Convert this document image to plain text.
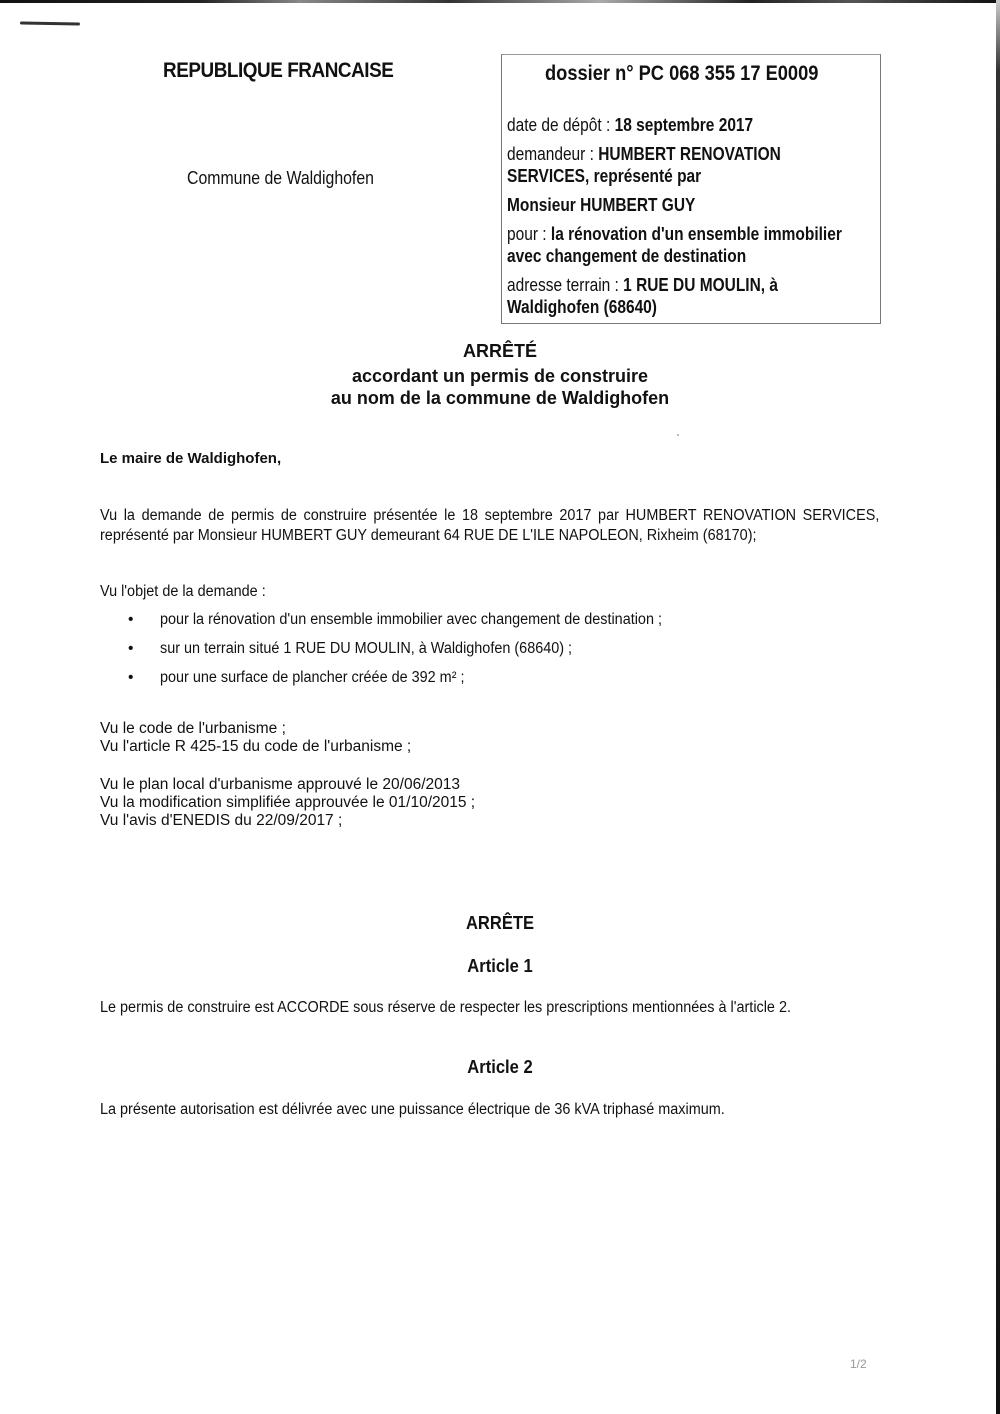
REPUBLIQUE FRANCAISE
Commune de Waldighofen
dossier n° PC 068 355 17 E0009
date de dépôt : 18 septembre 2017
demandeur : HUMBERT RENOVATION
SERVICES, représenté par
Monsieur HUMBERT GUY
pour : la rénovation d'un ensemble immobilier
avec changement de destination
adresse terrain : 1 RUE DU MOULIN, à
Waldighofen (68640)
ARRÊTÉ
accordant un permis de construire
au nom de la commune de Waldighofen
Le maire de Waldighofen,
Vu la demande de permis de construire présentée le 18 septembre 2017 par HUMBERT RENOVATION SERVICES, représenté par Monsieur HUMBERT GUY demeurant 64 RUE DE L'ILE NAPOLEON, Rixheim (68170);
Vu l'objet de la demande :
• pour la rénovation d'un ensemble immobilier avec changement de destination ;
• sur un terrain situé 1 RUE DU MOULIN, à Waldighofen (68640) ;
• pour une surface de plancher créée de 392 m² ;
Vu le code de l'urbanisme ;
Vu l'article R 425-15 du code de l'urbanisme ;
Vu le plan local d'urbanisme approuvé le 20/06/2013
Vu la modification simplifiée approuvée le 01/10/2015 ;
Vu l'avis d'ENEDIS du 22/09/2017 ;
ARRÊTE
Article 1
Le permis de construire est ACCORDE sous réserve de respecter les prescriptions mentionnées à l'article 2.
Article 2
La présente autorisation est délivrée avec une puissance électrique de 36 kVA triphasé maximum.
1/2
